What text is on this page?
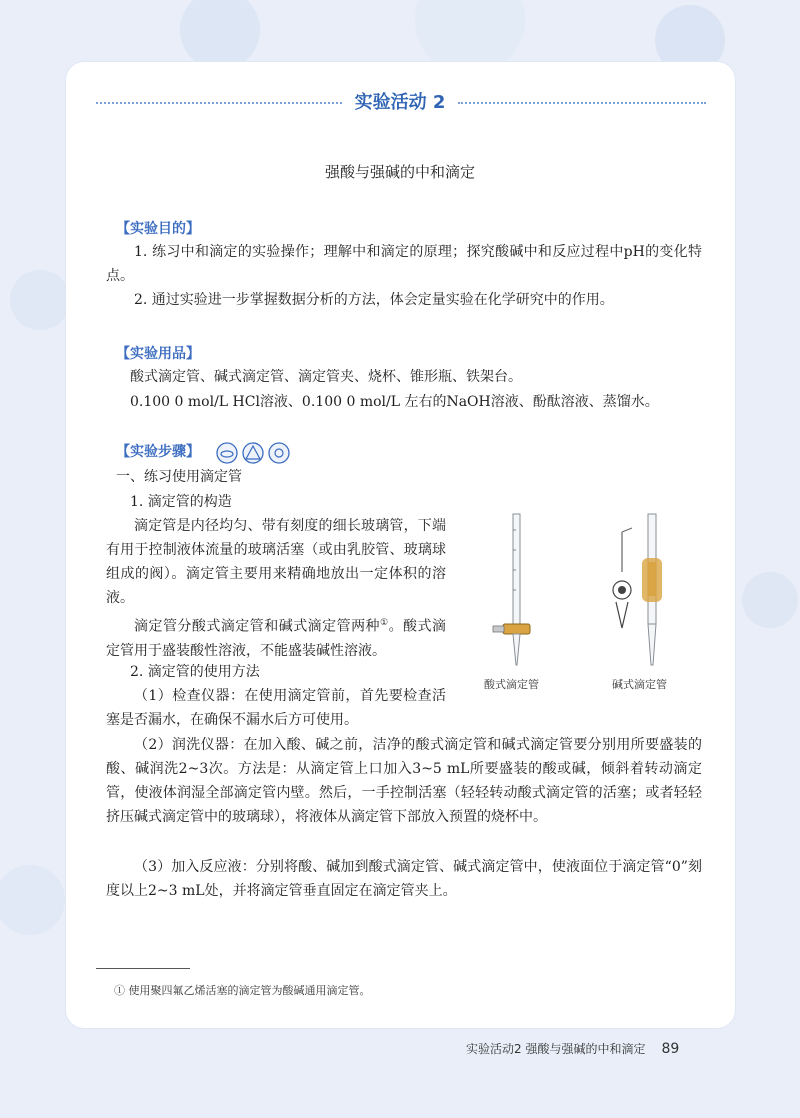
实验活动 2
强酸与强碱的中和滴定
【实验目的】

1. 练习中和滴定的实验操作；理解中和滴定的原理；探究酸碱中和反应过程中pH的变化特点。

2. 通过实验进一步掌握数据分析的方法，体会定量实验在化学研究中的作用。

【实验用品】

酸式滴定管、碱式滴定管、滴定管夹、烧杯、锥形瓶、铁架台。

0.100 0 mol/L HCl溶液、0.100 0 mol/L 左右的NaOH溶液、酚酞溶液、蒸馏水。

【实验步骤】

一、练习使用滴定管

1. 滴定管的构造

滴定管是内径均匀、带有刻度的细长玻璃管，下端有用于控制液体流量的玻璃活塞（或由乳胶管、玻璃球组成的阀）。滴定管主要用来精确地放出一定体积的溶液。

滴定管分酸式滴定管和碱式滴定管两种①。酸式滴定管用于盛装酸性溶液，不能盛装碱性溶液。

2. 滴定管的使用方法

（1）检查仪器：在使用滴定管前，首先要检查活塞是否漏水，在确保不漏水后方可使用。

（2）润洗仪器：在加入酸、碱之前，洁净的酸式滴定管和碱式滴定管要分别用所要盛装的酸、碱润洗2~3次。方法是：从滴定管上口加入3~5 mL所要盛装的酸或碱，倾斜着转动滴定管，使液体润湿全部滴定管内壁。然后，一手控制活塞（轻轻转动酸式滴定管的活塞；或者轻轻挤压碱式滴定管中的玻璃球），将液体从滴定管下部放入预置的烧杯中。

（3）加入反应液：分别将酸、碱加到酸式滴定管、碱式滴定管中，使液面位于滴定管“0”刻度以上2~3 mL处，并将滴定管垂直固定在滴定管夹上。

酸式滴定管	碱式滴定管
① 使用聚四氟乙烯活塞的滴定管为酸碱通用滴定管。
实验活动2 强酸与强碱的中和滴定 89
